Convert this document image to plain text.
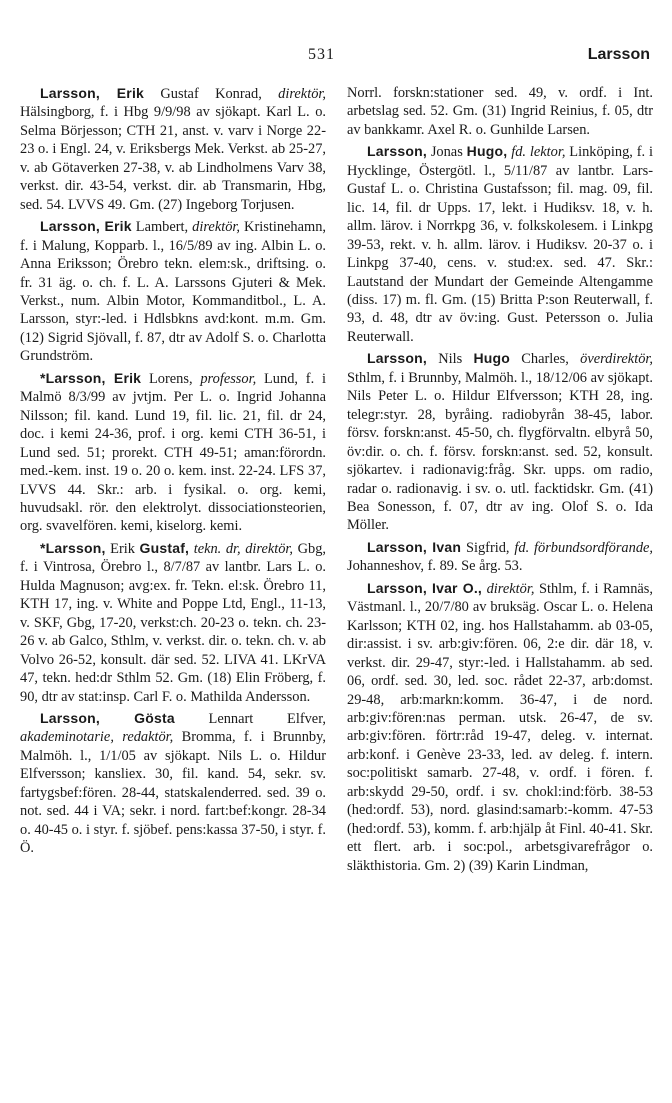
531	Larsson

Larsson, Erik Gustaf Konrad, direktör, Hälsingborg, f. i Hbg 9/9/98 av sjökapt. Karl L. o. Selma Börjesson; CTH 21, anst. v. varv i Norge 22-23 o. i Engl. 24, v. Eriksbergs Mek. Verkst. ab 25-27, v. ab Götaverken 27-38, v. ab Lindholmens Varv 38, verkst. dir. 43-54, verkst. dir. ab Transmarin, Hbg, sed. 54. LVVS 49. Gm. (27) Ingeborg Torjusen.

Larsson, Erik Lambert, direktör, Kristinehamn, f. i Malung, Kopparb. l., 16/5/89 av ing. Albin L. o. Anna Eriksson; Örebro tekn. elem:sk., driftsing. o. fr. 31 äg. o. ch. f. L. A. Larssons Gjuteri & Mek. Verkst., num. Albin Motor, Kommanditbol., L. A. Larsson, styr:-led. i Hdlsbkns avd:kont. m.m. Gm. (12) Sigrid Sjövall, f. 87, dtr av Adolf S. o. Charlotta Grundström.

*Larsson, Erik Lorens, professor, Lund, f. i Malmö 8/3/99 av jvtjm. Per L. o. Ingrid Johanna Nilsson; fil. kand. Lund 19, fil. lic. 21, fil. dr 24, doc. i kemi 24-36, prof. i org. kemi CTH 36-51, i Lund sed. 51; prorekt. CTH 49-51; aman:förordn. med.-kem. inst. 19 o. 20 o. kem. inst. 22-24. LFS 37, LVVS 44. Skr.: arb. i fysikal. o. org. kemi, huvudsakl. rör. den elektrolyt. dissociationsteorien, org. svavelfören. kemi, kiselorg. kemi.

*Larsson, Erik Gustaf, tekn. dr, direktör, Gbg, f. i Vintrosa, Örebro l., 8/7/87 av lantbr. Lars L. o. Hulda Magnuson; avg:ex. fr. Tekn. el:sk. Örebro 11, KTH 17, ing. v. White and Poppe Ltd, Engl., 11-13, v. SKF, Gbg, 17-20, verkst:ch. 20-23 o. tekn. ch. 23-26 v. ab Galco, Sthlm, v. verkst. dir. o. tekn. ch. v. ab Volvo 26-52, konsult. där sed. 52. LIVA 41. LKrVA 47, tekn. hed:dr Sthlm 52. Gm. (18) Elin Fröberg, f. 90, dtr av stat:insp. Carl F. o. Mathilda Andersson.

Larsson, Gösta Lennart Elfver, akademinotarie, redaktör, Bromma, f. i Brunnby, Malmöh. l., 1/1/05 av sjökapt. Nils L. o. Hildur Elfversson; kansliex. 30, fil. kand. 54, sekr. sv. fartygsbef:fören. 28-44, statskalenderred. sed. 39 o. not. sed. 44 i VA; sekr. i nord. fart:bef:kongr. 28-34 o. 40-45 o. i styr. f. sjöbef. pens:kassa 37-50, i styr. f. Ö.

Norrl. forskn:stationer sed. 49, v. ordf. i Int. arbetslag sed. 52. Gm. (31) Ingrid Reinius, f. 05, dtr av bankkamr. Axel R. o. Gunhilde Larsen.

Larsson, Jonas Hugo, fd. lektor, Linköping, f. i Hycklinge, Östergötl. l., 5/11/87 av lantbr. Lars-Gustaf L. o. Christina Gustafsson; fil. mag. 09, fil. lic. 14, fil. dr Upps. 17, lekt. i Hudiksv. 18, v. h. allm. lärov. i Norrkpg 36, v. folkskolesem. i Linkpg 39-53, rekt. v. h. allm. lärov. i Hudiksv. 20-37 o. i Linkpg 37-40, cens. v. stud:ex. sed. 47. Skr.: Lautstand der Mundart der Gemeinde Altengamme (diss. 17) m. fl. Gm. (15) Britta P:son Reuterwall, f. 93, d. 48, dtr av öv:ing. Gust. Petersson o. Julia Reuterwall.

Larsson, Nils Hugo Charles, överdirektör, Sthlm, f. i Brunnby, Malmöh. l., 18/12/06 av sjökapt. Nils Peter L. o. Hildur Elfversson; KTH 28, ing. telegr:styr. 28, byråing. radiobyrån 38-45, labor. försv. forskn:anst. 45-50, ch. flygförvaltn. elbyrå 50, öv:dir. o. ch. f. försv. forskn:anst. sed. 52, konsult. sjökartev. i radionavig:fråg. Skr. upps. om radio, radar o. radionavig. i sv. o. utl. facktidskr. Gm. (41) Bea Sonesson, f. 07, dtr av ing. Olof S. o. Ida Möller.

Larsson, Ivan Sigfrid, fd. förbundsordförande, Johanneshov, f. 89. Se årg. 53.

Larsson, Ivar O., direktör, Sthlm, f. i Ramnäs, Västmanl. l., 20/7/80 av bruksäg. Oscar L. o. Helena Karlsson; KTH 02, ing. hos Hallstahamm. ab 03-05, dir:assist. i sv. arb:giv:fören. 06, 2:e dir. där 18, v. verkst. dir. 29-47, styr:-led. i Hallstahamm. ab sed. 06, ordf. sed. 30, led. soc. rådet 22-37, arb:domst. 29-48, arb:markn:komm. 36-47, i de nord. arb:giv:fören:nas perman. utsk. 26-47, de sv. arb:giv:fören. förtr:råd 19-47, deleg. v. internat. arb:konf. i Genève 23-33, led. av deleg. f. intern. soc:politiskt samarb. 27-48, v. ordf. i fören. f. arb:skydd 29-50, ordf. i sv. chokl:ind:förb. 38-53 (hed:ordf. 53), nord. glasind:samarb:-komm. 47-53 (hed:ordf. 53), komm. f. arb:hjälp åt Finl. 40-41. Skr. ett flert. arb. i soc:pol., arbetsgivarefrågor o. släkthistoria. Gm. 2) (39) Karin Lindman,
